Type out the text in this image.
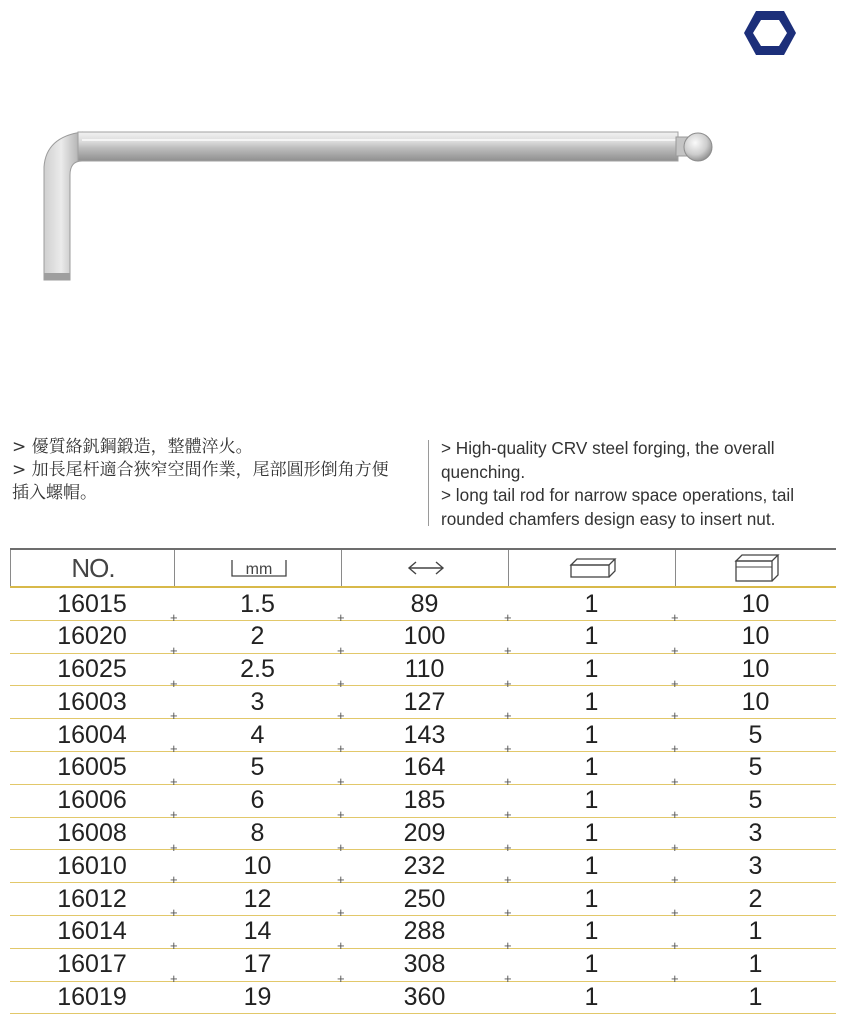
> 優質絡釩鋼鍛造，整體淬火。
> 加長尾杆適合狹窄空間作業，尾部圓形倒角方便
插入螺帽。
> High-quality CRV steel forging, the overall
quenching.
> long tail rod for narrow space operations, tail
rounded chamfers design easy to insert nut.
NO.	mm
16015	1.5	89	1	10
+	+	+	+
16020	2	100	1	10
+	+	+	+
16025	2.5	110	1	10
+	+	+	+
16003	3	127	1	10
+	+	+	+
16004	4	143	1	5
+	+	+	+
16005	5	164	1	5
+	+	+	+
16006	6	185	1	5
+	+	+	+
16008	8	209	1	3
+	+	+	+
16010	10	232	1	3
+	+	+	+
16012	12	250	1	2
+	+	+	+
16014	14	288	1	1
+	+	+	+
16017	17	308	1	1
+	+	+	+
16019	19	360	1	1
